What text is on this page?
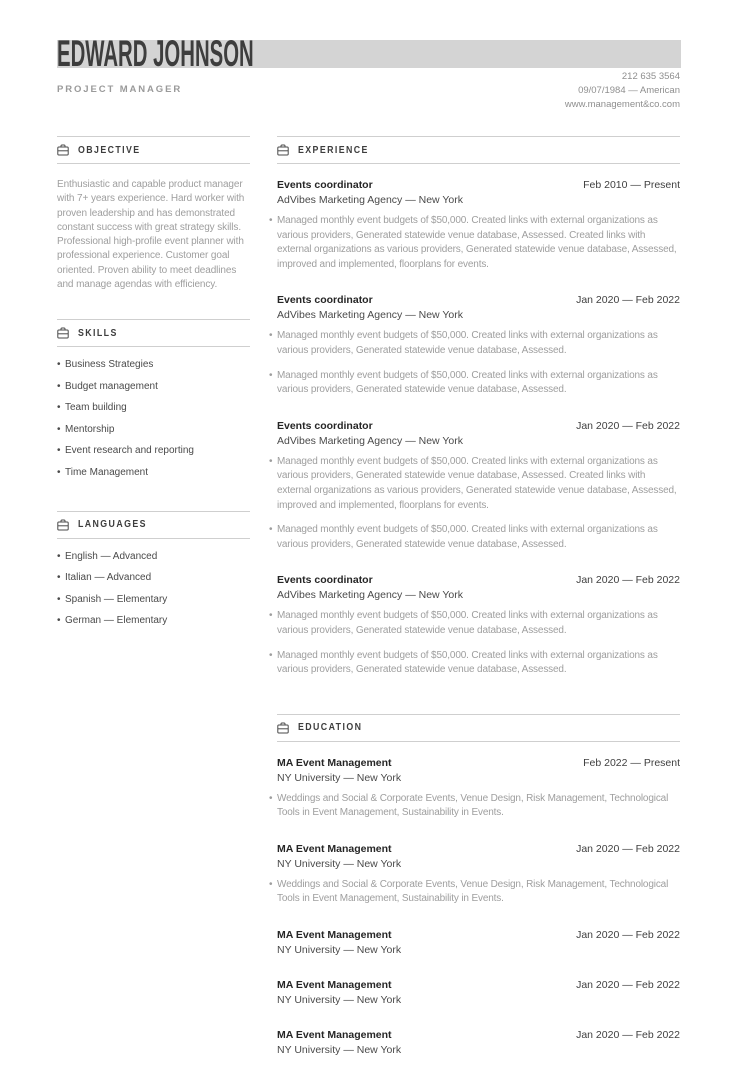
EDWARD JOHNSON
PROJECT MANAGER
212 635 3564
09/07/1984 — American
www.management&co.com
OBJECTIVE

Enthusiastic and capable product manager with 7+ years experience. Hard worker with proven leadership and has demonstrated constant success with great strategy skills. Professional high-profile event planner with professional experience. Customer goal oriented. Proven ability to meet deadlines and manage agendas with efficiency.

SKILLS
• Business Strategies
• Budget management
• Team building
• Mentorship
• Event research and reporting
• Time Management
LANGUAGES
• English — Advanced
• Italian — Advanced
• Spanish — Elementary
• German — Elementary
EXPERIENCE
Events coordinator	Feb 2010 — Present
AdVibes Marketing Agency — New York
• Managed monthly event budgets of $50,000. Created links with external organizations as various providers, Generated statewide venue database, Assessed. Created links with external organizations as various providers, Generated statewide venue database, Assessed, improved and implemented, floorplans for events.
Events coordinator	Jan 2020 — Feb 2022
AdVibes Marketing Agency — New York
• Managed monthly event budgets of $50,000. Created links with external organizations as various providers, Generated statewide venue database, Assessed.
• Managed monthly event budgets of $50,000. Created links with external organizations as various providers, Generated statewide venue database, Assessed.
Events coordinator	Jan 2020 — Feb 2022
AdVibes Marketing Agency — New York
• Managed monthly event budgets of $50,000. Created links with external organizations as various providers, Generated statewide venue database, Assessed. Created links with external organizations as various providers, Generated statewide venue database, Assessed, improved and implemented, floorplans for events.
• Managed monthly event budgets of $50,000. Created links with external organizations as various providers, Generated statewide venue database, Assessed.
Events coordinator	Jan 2020 — Feb 2022
AdVibes Marketing Agency — New York
• Managed monthly event budgets of $50,000. Created links with external organizations as various providers, Generated statewide venue database, Assessed.
• Managed monthly event budgets of $50,000. Created links with external organizations as various providers, Generated statewide venue database, Assessed.
EDUCATION
MA Event Management	Feb 2022 — Present
NY University — New York
• Weddings and Social & Corporate Events, Venue Design, Risk Management, Technological Tools in Event Management, Sustainability in Events.
MA Event Management	Jan 2020 — Feb 2022
NY University — New York
• Weddings and Social & Corporate Events, Venue Design, Risk Management, Technological Tools in Event Management, Sustainability in Events.
MA Event Management	Jan 2020 — Feb 2022
NY University — New York
MA Event Management	Jan 2020 — Feb 2022
NY University — New York
MA Event Management	Jan 2020 — Feb 2022
NY University — New York
